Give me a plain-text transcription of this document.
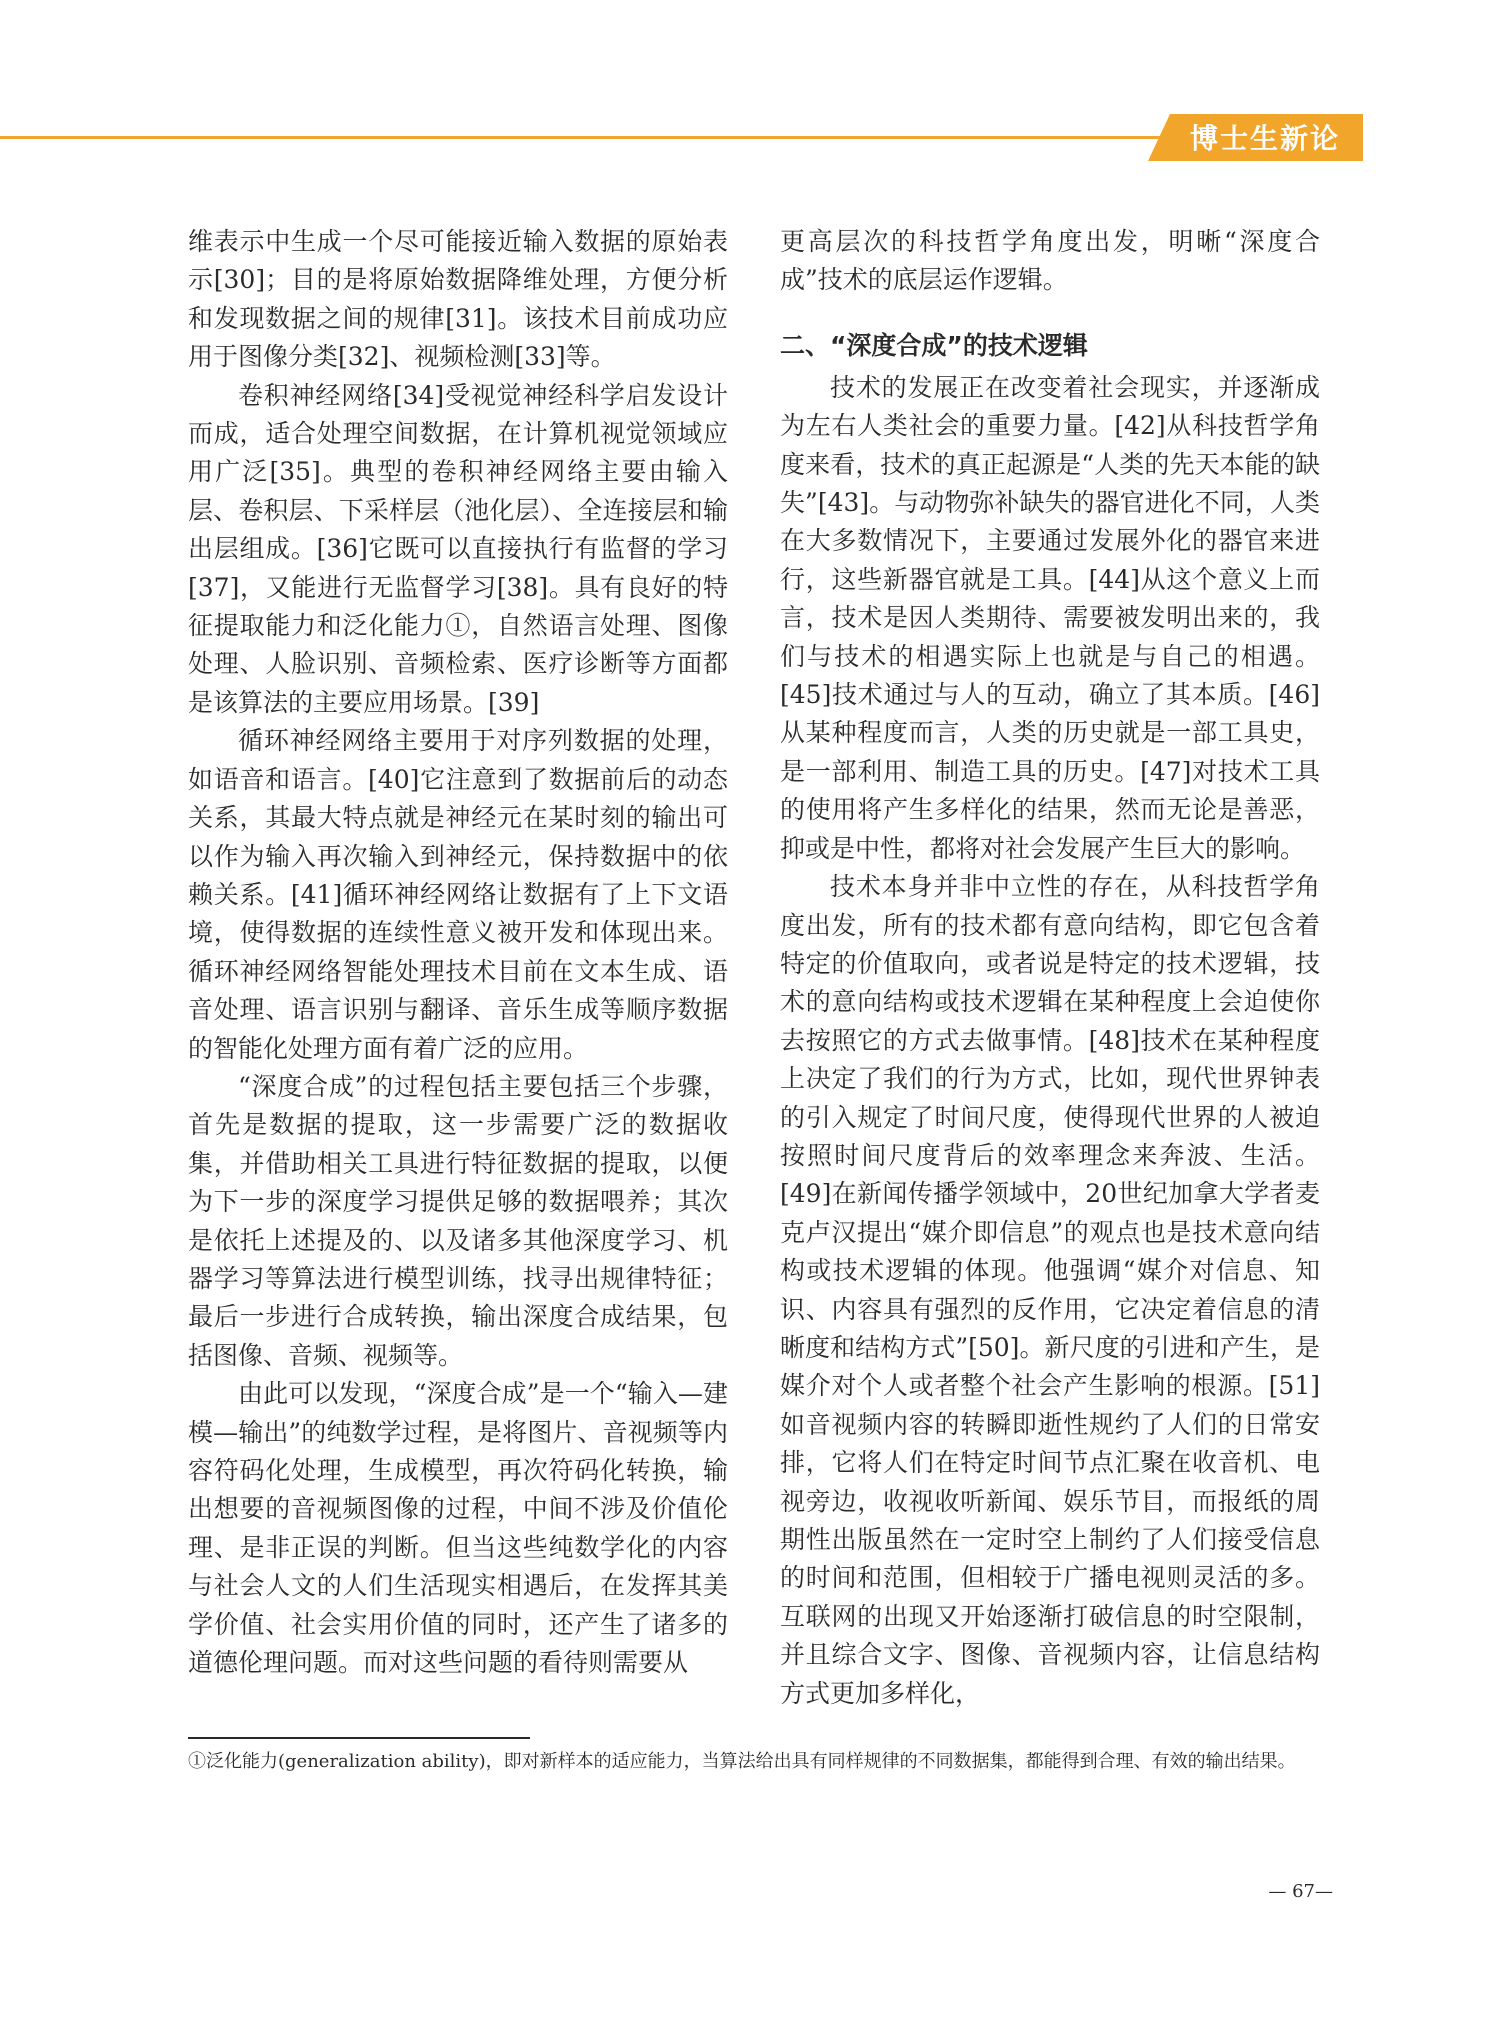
博士生新论

维表示中生成一个尽可能接近输入数据的原始表示[30]；目的是将原始数据降维处理，方便分析和发现数据之间的规律[31]。该技术目前成功应用于图像分类[32]、视频检测[33]等。

卷积神经网络[34]受视觉神经科学启发设计而成，适合处理空间数据，在计算机视觉领域应用广泛[35]。典型的卷积神经网络主要由输入层、卷积层、下采样层（池化层）、全连接层和输出层组成。[36]它既可以直接执行有监督的学习[37]，又能进行无监督学习[38]。具有良好的特征提取能力和泛化能力①，自然语言处理、图像处理、人脸识别、音频检索、医疗诊断等方面都是该算法的主要应用场景。[39]

循环神经网络主要用于对序列数据的处理，如语音和语言。[40]它注意到了数据前后的动态关系，其最大特点就是神经元在某时刻的输出可以作为输入再次输入到神经元，保持数据中的依赖关系。[41]循环神经网络让数据有了上下文语境，使得数据的连续性意义被开发和体现出来。循环神经网络智能处理技术目前在文本生成、语音处理、语言识别与翻译、音乐生成等顺序数据的智能化处理方面有着广泛的应用。

“深度合成”的过程包括主要包括三个步骤，首先是数据的提取，这一步需要广泛的数据收集，并借助相关工具进行特征数据的提取，以便为下一步的深度学习提供足够的数据喂养；其次是依托上述提及的、以及诸多其他深度学习、机器学习等算法进行模型训练，找寻出规律特征；最后一步进行合成转换，输出深度合成结果，包括图像、音频、视频等。

由此可以发现，“深度合成”是一个“输入—建模—输出”的纯数学过程，是将图片、音视频等内容符码化处理，生成模型，再次符码化转换，输出想要的音视频图像的过程，中间不涉及价值伦理、是非正误的判断。但当这些纯数学化的内容与社会人文的人们生活现实相遇后，在发挥其美学价值、社会实用价值的同时，还产生了诸多的道德伦理问题。而对这些问题的看待则需要从

更高层次的科技哲学角度出发，明晰“深度合成”技术的底层运作逻辑。

二、“深度合成”的技术逻辑

技术的发展正在改变着社会现实，并逐渐成为左右人类社会的重要力量。[42]从科技哲学角度来看，技术的真正起源是“人类的先天本能的缺失”[43]。与动物弥补缺失的器官进化不同，人类在大多数情况下，主要通过发展外化的器官来进行，这些新器官就是工具。[44]从这个意义上而言，技术是因人类期待、需要被发明出来的，我们与技术的相遇实际上也就是与自己的相遇。[45]技术通过与人的互动，确立了其本质。[46]从某种程度而言，人类的历史就是一部工具史，是一部利用、制造工具的历史。[47]对技术工具的使用将产生多样化的结果，然而无论是善恶，抑或是中性，都将对社会发展产生巨大的影响。

技术本身并非中立性的存在，从科技哲学角度出发，所有的技术都有意向结构，即它包含着特定的价值取向，或者说是特定的技术逻辑，技术的意向结构或技术逻辑在某种程度上会迫使你去按照它的方式去做事情。[48]技术在某种程度上决定了我们的行为方式，比如，现代世界钟表的引入规定了时间尺度，使得现代世界的人被迫按照时间尺度背后的效率理念来奔波、生活。[49]在新闻传播学领域中，20世纪加拿大学者麦克卢汉提出“媒介即信息”的观点也是技术意向结构或技术逻辑的体现。他强调“媒介对信息、知识、内容具有强烈的反作用，它决定着信息的清晰度和结构方式”[50]。新尺度的引进和产生，是媒介对个人或者整个社会产生影响的根源。[51]如音视频内容的转瞬即逝性规约了人们的日常安排，它将人们在特定时间节点汇聚在收音机、电视旁边，收视收听新闻、娱乐节目，而报纸的周期性出版虽然在一定时空上制约了人们接受信息的时间和范围，但相较于广播电视则灵活的多。互联网的出现又开始逐渐打破信息的时空限制，并且综合文字、图像、音视频内容，让信息结构方式更加多样化，

①泛化能力(generalization ability)，即对新样本的适应能力，当算法给出具有同样规律的不同数据集，都能得到合理、有效的输出结果。

— 67—
